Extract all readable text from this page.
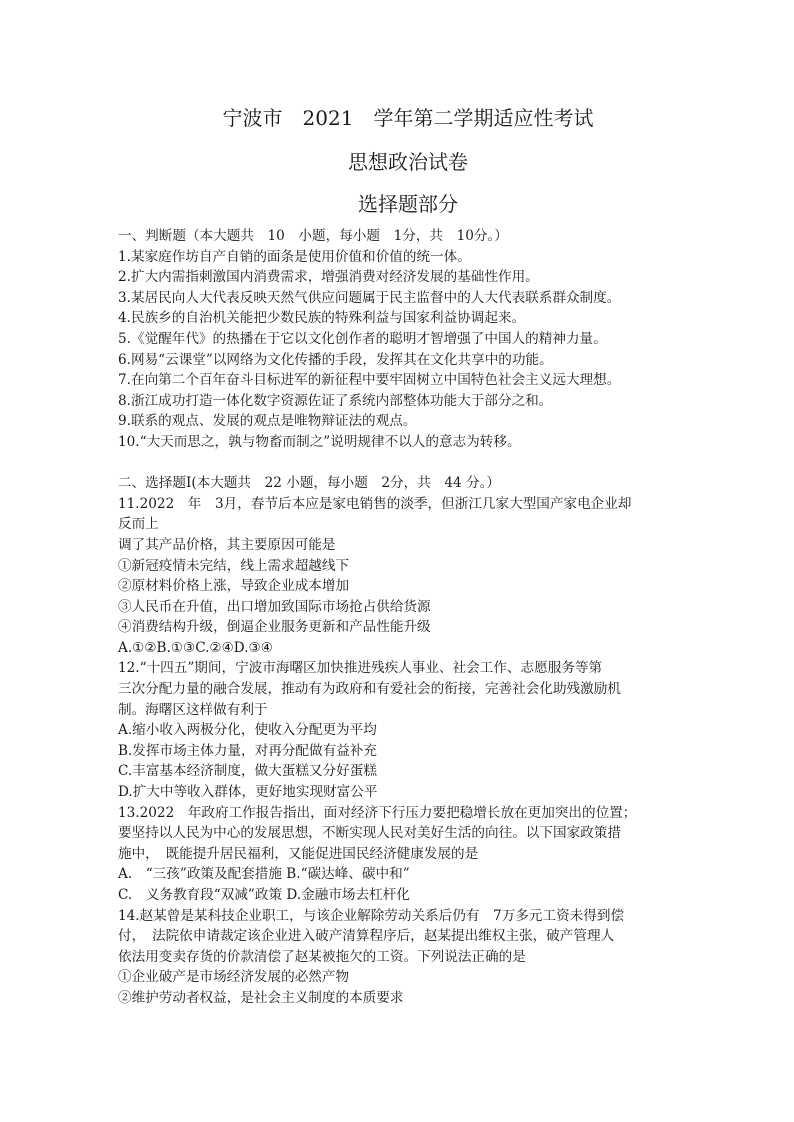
宁波市　2021　学年第二学期适应性考试
思想政治试卷
选择题部分
一、判断题（本大题共　10　小题，每小题　1分，共　10分。）
1.某家庭作坊自产自销的面条是使用价值和价值的统一体。
2.扩大内需指刺激国内消费需求，增强消费对经济发展的基础性作用。
3.某居民向人大代表反映天然气供应问题属于民主监督中的人大代表联系群众制度。
4.民族乡的自治机关能把少数民族的特殊利益与国家利益协调起来。
5.《觉醒年代》的热播在于它以文化创作者的聪明才智增强了中国人的精神力量。
6.网易“云课堂”以网络为文化传播的手段，发挥其在文化共享中的功能。
7.在向第二个百年奋斗目标进军的新征程中要牢固树立中国特色社会主义远大理想。
8.浙江成功打造一体化数字资源佐证了系统内部整体功能大于部分之和。
9.联系的观点、发展的观点是唯物辩证法的观点。
10.“大天而思之，孰与物畜而制之”说明规律不以人的意志为转移。
二、选择题Ⅰ(本大题共　22 小题，每小题　2分，共　44 分。）
11.2022　年　3月，春节后本应是家电销售的淡季，但浙江几家大型国产家电企业却
反而上
调了其产品价格，其主要原因可能是
①新冠疫情未完结，线上需求超越线下
②原材料价格上涨，导致企业成本增加
③人民币在升值，出口增加致国际市场抢占供给货源
④消费结构升级，倒逼企业服务更新和产品性能升级
A.①②B.①③C.②④D.③④
12.“十四五”期间，宁波市海曙区加快推进残疾人事业、社会工作、志愿服务等第
三次分配力量的融合发展，推动有为政府和有爱社会的衔接，完善社会化助残激励机
制。海曙区这样做有利于
A.缩小收入两极分化，使收入分配更为平均
B.发挥市场主体力量，对再分配做有益补充
C.丰富基本经济制度，做大蛋糕又分好蛋糕
D.扩大中等收入群体，更好地实现财富公平
13.2022　年政府工作报告指出，面对经济下行压力要把稳增长放在更加突出的位置；
要坚持以人民为中心的发展思想，不断实现人民对美好生活的向往。以下国家政策措
施中，　既能提升居民福利，又能促进国民经济健康发展的是
A.　“三孩”政策及配套措施 B.“碳达峰、碳中和”
C.　义务教育段“双减”政策 D.金融市场去杠杆化
14.赵某曾是某科技企业职工，与该企业解除劳动关系后仍有　7万多元工资未得到偿
付，　法院依申请裁定该企业进入破产清算程序后，赵某提出维权主张，破产管理人
依法用变卖存货的价款清偿了赵某被拖欠的工资。下列说法正确的是
①企业破产是市场经济发展的必然产物
②维护劳动者权益，是社会主义制度的本质要求
